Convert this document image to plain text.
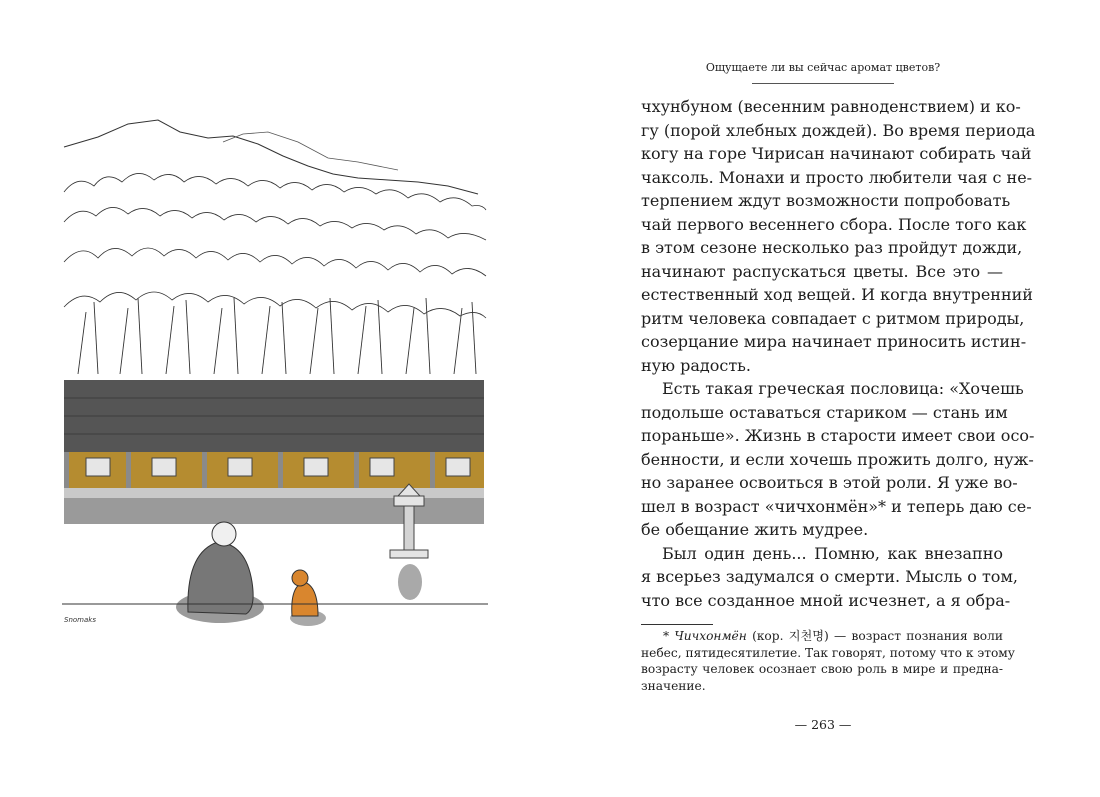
Snomaks
Ощущаете ли вы сейчас аромат цветов?
чхунбуном (весенним равноденствием) и ко-
гу (порой хлебных дождей). Во время периода
когу на горе Чирисан начинают собирать чай
чаксоль. Монахи и просто любители чая с не-
терпением ждут возможности попробовать
чай первого весеннего сбора. После того как
в этом сезоне несколько раз пройдут дожди,
начинают распускаться цветы. Все это —
естественный ход вещей. И когда внутренний
ритм человека совпадает с ритмом природы,
созерцание мира начинает приносить истин-
ную радость.
Есть такая греческая пословица: «Хочешь
подольше оставаться стариком — стань им
пораньше». Жизнь в старости имеет свои осо-
бенности, и если хочешь прожить долго, нуж-
но заранее освоиться в этой роли. Я уже во-
шел в возраст «чичхонмён»* и теперь даю се-
бе обещание жить мудрее.
Был один день... Помню, как внезапно
я всерьез задумался о смерти. Мысль о том,
что все созданное мной исчезнет, а я обра-
* Чичхонмён (кор. 지천명) — возраст познания воли
небес, пятидесятилетие. Так говорят, потому что к этому
возрасту человек осознает свою роль в мире и предна-
значение.
— 263 —
